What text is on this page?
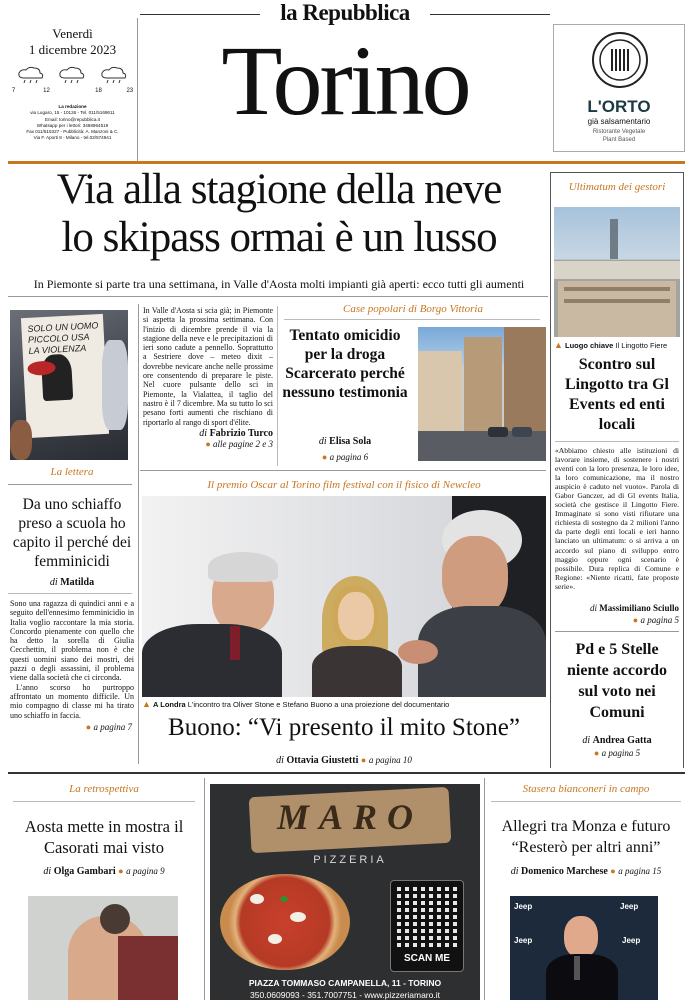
la Repubblica
Torino
Venerdì
1 dicembre 2023
7	12	18	23
La redazione
via Lugaro, 15 - 10126 - Tel. 011/5169611
Email: torino@repubblica.it
Whatsapp per i lettori: 3468964519
Fax 011/515327 - Pubblicità: A. Manzoni & C.
Via F. Aporti 8 - Milano - tel.02/574941
L'ORTO
già salsamentario
Ristorante Vegetale
Plant Based
Via alla stagione della neve
lo skipass ormai è un lusso
In Piemonte si parte tra una settimana, in Valle d'Aosta molti impianti già aperti: ecco tutti gli aumenti
SOLO UN UOMO PICCOLO USA LA VIOLENZA
La lettera
Da uno schiaffo preso a scuola ho capito il perché dei femminicidi
di Matilda
Sono una ragazza di quindici anni e a seguito dell'ennesimo femminicidio in Italia voglio raccontare la mia storia. Concordo pienamente con quello che ha detto la sorella di Giulia Cecchettin, il problema non è che questi uomini siano dei mostri, dei pazzi o degli assassini, il problema viene dalla società che ci circonda.
L'anno scorso ho purtroppo affrontato un momento difficile. Un mio compagno di classe mi ha tirato uno schiaffo in faccia.
● a pagina 7
In Valle d'Aosta si scia già; in Piemonte si aspetta la prossima settimana. Con l'inizio di dicembre prende il via la stagione della neve e le precipitazioni di ieri sono cadute a pennello. Soprattutto a Sestriere dove – meteo dixit – dovrebbe nevicare anche nelle prossime ore consentendo di preparare le piste. Nel cuore pulsante dello sci in Piemonte, la Vialattea, il taglio del nastro è il 7 dicembre. Ma su tutto lo sci pesano forti aumenti che rischiano di riportarlo al rango di sport d'élite.
di Fabrizio Turco
● alle pagine 2 e 3
Case popolari di Borgo Vittoria
Tentato omicidio per la droga Scarcerato perché nessuno testimonia
di Elisa Sola
● a pagina 6
Il premio Oscar al Torino film festival con il fisico di Newcleo
▲ A Londra L'incontro tra Oliver Stone e Stefano Buono a una proiezione del documentario
Buono: “Vi presento il mito Stone”
di Ottavia Giustetti ● a pagina 10
Ultimatum dei gestori
▲ Luogo chiave Il Lingotto Fiere
Scontro sul Lingotto tra Gl Events ed enti locali
«Abbiamo chiesto alle istituzioni di lavorare insieme, di sostenere i nostri eventi con la loro presenza, le loro idee, la loro comunicazione, ma il nostro auspicio è caduto nel vuoto». Parola di Gabor Ganczer, ad di Gl events Italia, società che gestisce il Lingotto Fiere. Immaginate si sono visti rifiutare una richiesta di sostegno da 2 milioni l'anno da parte degli enti locali e ieri hanno lanciato un ultimatum: o si arriva a un accordo sul piano di sviluppo entro maggio oppure ogni scenario è possibile. Dura replica di Comune e Regione: «Niente ricatti, fate proposte serie».
di Massimiliano Sciullo
● a pagina 5
Pd e 5 Stelle niente accordo sul voto nei Comuni
di Andrea Gatta
● a pagina 5
La retrospettiva
Aosta mette in mostra il Casorati mai visto
di Olga Gambari ● a pagina 9
MARO
PIZZERIA
SCAN ME
PIAZZA TOMMASO CAMPANELLA, 11 - TORINO
350.0609093 - 351.7007751 - www.pizzeriamaro.it
Stasera bianconeri in campo
Allegri tra Monza e futuro “Resterò per altri anni”
di Domenico Marchese ● a pagina 15
Jeep	Jeep
Jeep	Jeep
